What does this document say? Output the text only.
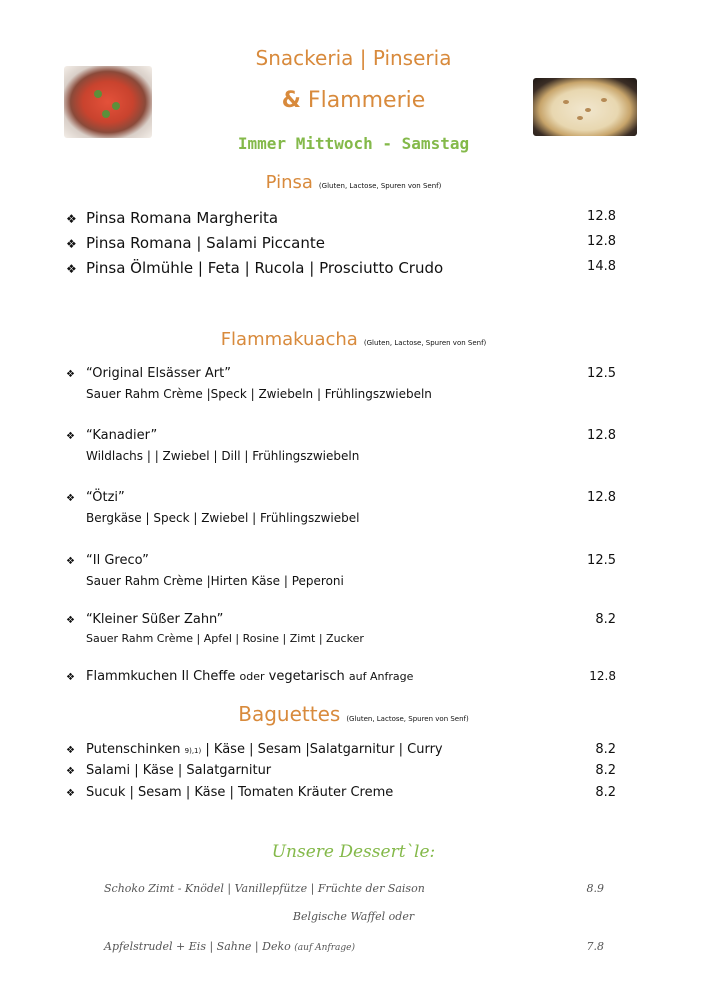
Snackeria | Pinseria
& Flammerie
Immer Mittwoch - Samstag
Pinsa (Gluten, Lactose, Spuren von Senf)
❖ Pinsa Romana Margherita	12.8
❖ Pinsa Romana | Salami Piccante	12.8
❖ Pinsa Ölmühle | Feta | Rucola | Prosciutto Crudo	14.8
Flammakuacha (Gluten, Lactose, Spuren von Senf)
❖ “Original Elsässer Art”	12.5
Sauer Rahm Crème |Speck | Zwiebeln | Frühlingszwiebeln
❖ “Kanadier”	12.8
Wildlachs | | Zwiebel | Dill | Frühlingszwiebeln
❖ “Ötzi”	12.8
Bergkäse | Speck | Zwiebel | Frühlingszwiebel
❖ “Il Greco”	12.5
Sauer Rahm Crème |Hirten Käse | Peperoni
❖ “Kleiner Süßer Zahn”	8.2
Sauer Rahm Crème | Apfel | Rosine | Zimt | Zucker
❖ Flammkuchen Il Cheffe oder vegetarisch auf Anfrage	12.8
Baguettes (Gluten, Lactose, Spuren von Senf)
❖ Putenschinken 9),1) | Käse | Sesam |Salatgarnitur | Curry	8.2
❖ Salami | Käse | Salatgarnitur	8.2
❖ Sucuk | Sesam | Käse | Tomaten Kräuter Creme	8.2
Unsere Dessert`le:
Schoko Zimt - Knödel | Vanillepfütze | Früchte der Saison	8.9
Belgische Waffel oder
Apfelstrudel + Eis | Sahne | Deko (auf Anfrage)	7.8
